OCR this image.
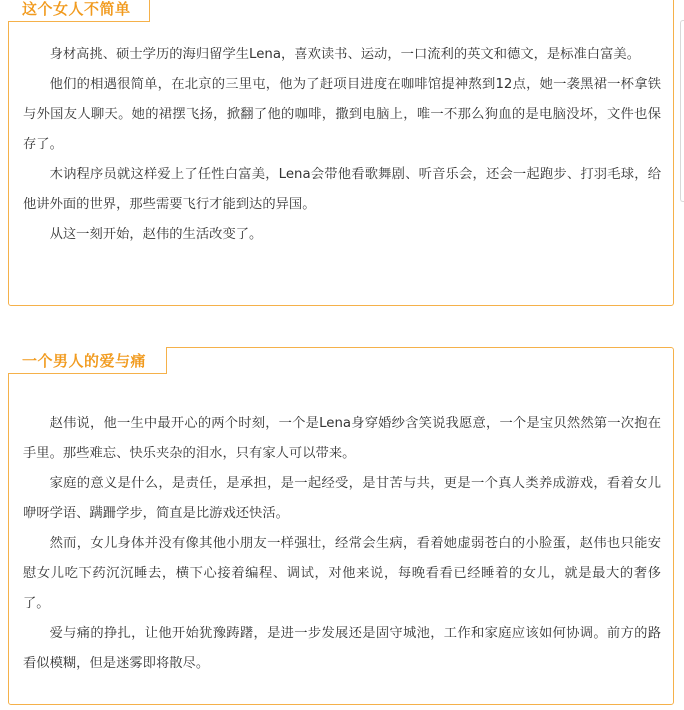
这个女人不简单

身材高挑、硕士学历的海归留学生Lena，喜欢读书、运动，一口流利的英文和德文，是标准白富美。

他们的相遇很简单，在北京的三里屯，他为了赶项目进度在咖啡馆提神熬到12点，她一袭黑裙一杯拿铁与外国友人聊天。她的裙摆飞扬，掀翻了他的咖啡，撒到电脑上，唯一不那么狗血的是电脑没坏，文件也保存了。

木讷程序员就这样爱上了任性白富美，Lena会带他看歌舞剧、听音乐会，还会一起跑步、打羽毛球，给他讲外面的世界，那些需要飞行才能到达的异国。

从这一刻开始，赵伟的生活改变了。

一个男人的爱与痛

赵伟说，他一生中最开心的两个时刻，一个是Lena身穿婚纱含笑说我愿意，一个是宝贝然然第一次抱在手里。那些难忘、快乐夹杂的泪水，只有家人可以带来。

家庭的意义是什么，是责任，是承担，是一起经受，是甘苦与共，更是一个真人类养成游戏，看着女儿咿呀学语、蹒跚学步，简直是比游戏还快活。

然而，女儿身体并没有像其他小朋友一样强壮，经常会生病，看着她虚弱苍白的小脸蛋，赵伟也只能安慰女儿吃下药沉沉睡去，横下心接着编程、调试，对他来说，每晚看看已经睡着的女儿，就是最大的奢侈了。

爱与痛的挣扎，让他开始犹豫踌躇，是进一步发展还是固守城池，工作和家庭应该如何协调。前方的路看似模糊，但是迷雾即将散尽。
